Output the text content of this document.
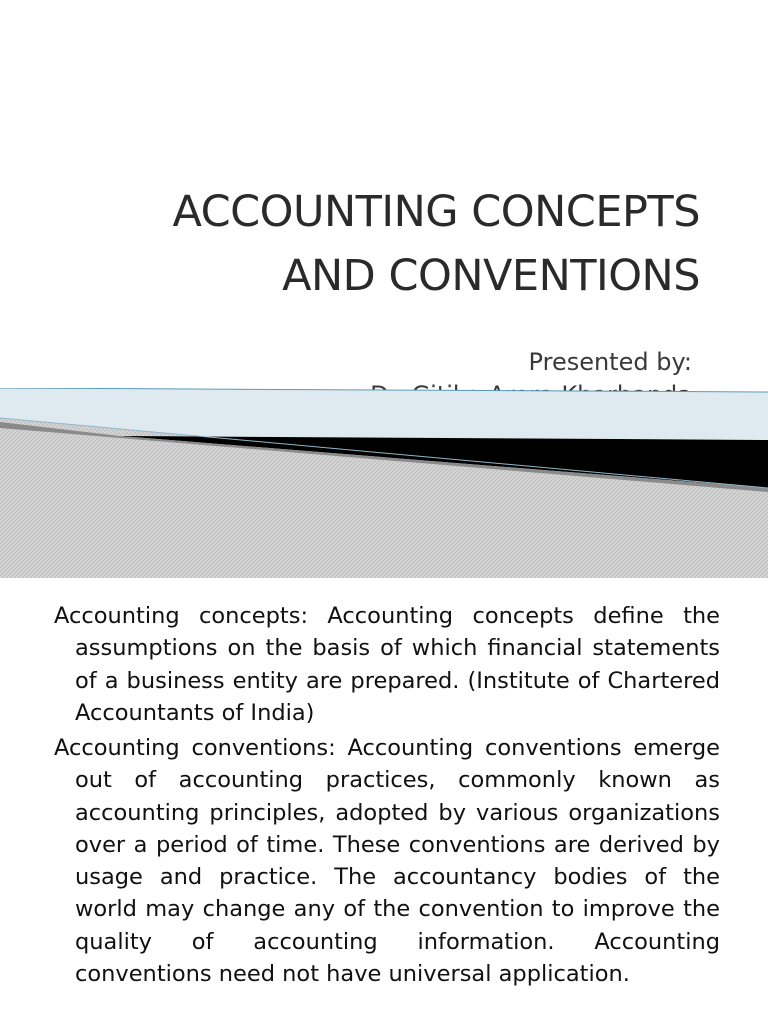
ACCOUNTING CONCEPTS
AND CONVENTIONS
Presented by:
Accounting concepts: Accounting concepts define the assumptions on the basis of which financial statements of a business entity are prepared. (Institute of Chartered Accountants of India)
Accounting conventions: Accounting conventions emerge out of accounting practices, commonly known as accounting principles, adopted by various organizations over a period of time. These conventions are derived by usage and practice. The accountancy bodies of the world may change any of the convention to improve the quality of accounting information. Accounting conventions need not have universal application.
